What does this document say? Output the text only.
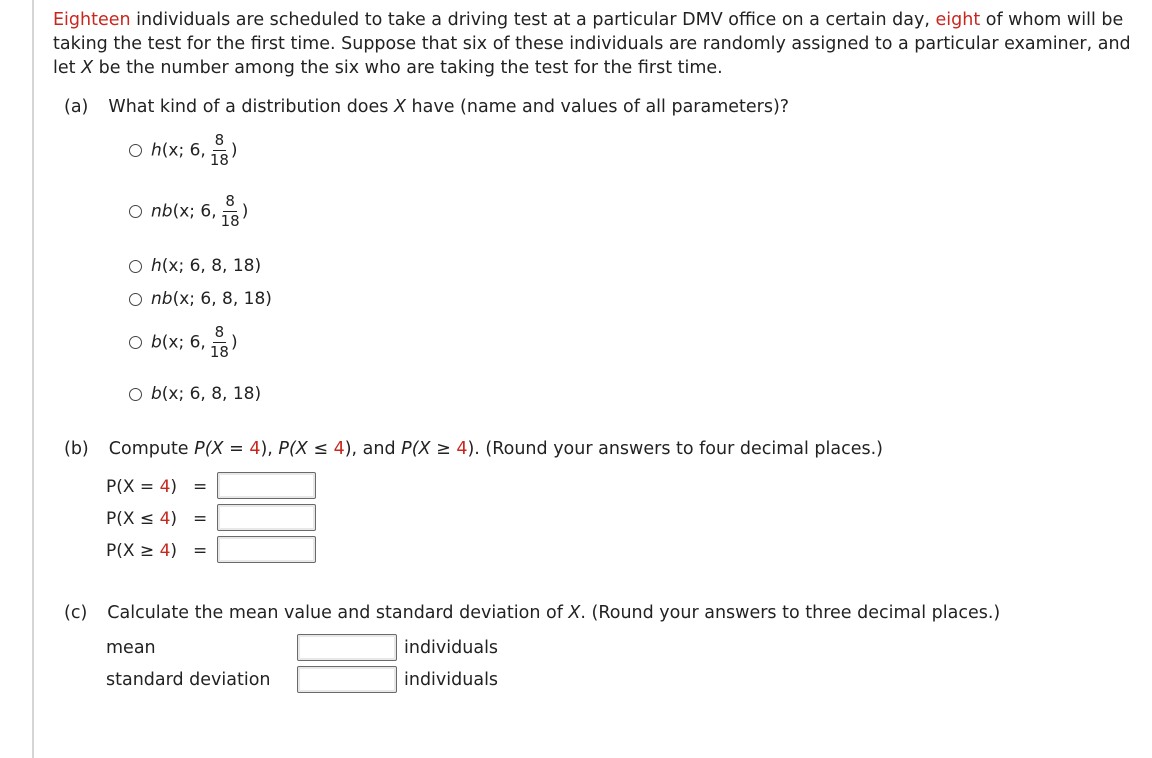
Eighteen individuals are scheduled to take a driving test at a particular DMV office on a certain day, eight of whom will be taking the test for the first time. Suppose that six of these individuals are randomly assigned to a particular examiner, and let X be the number among the six who are taking the test for the first time.
(a) What kind of a distribution does X have (name and values of all parameters)?
h(x; 6, $\frac{8}{18}$ )
nb(x; 6, $\frac{8}{18}$ )
h(x; 6, 8, 18)
nb(x; 6, 8, 18)
b(x; 6, $\frac{8}{18}$ )
b(x; 6, 8, 18)
(b) Compute P(X = 4), P(X ≤ 4), and P(X ≥ 4). (Round your answers to four decimal places.)
P(X = 4) =
P(X ≤ 4) =
P(X ≥ 4) =
(c) Calculate the mean value and standard deviation of X. (Round your answers to three decimal places.)
mean	individuals
standard deviation	individuals
